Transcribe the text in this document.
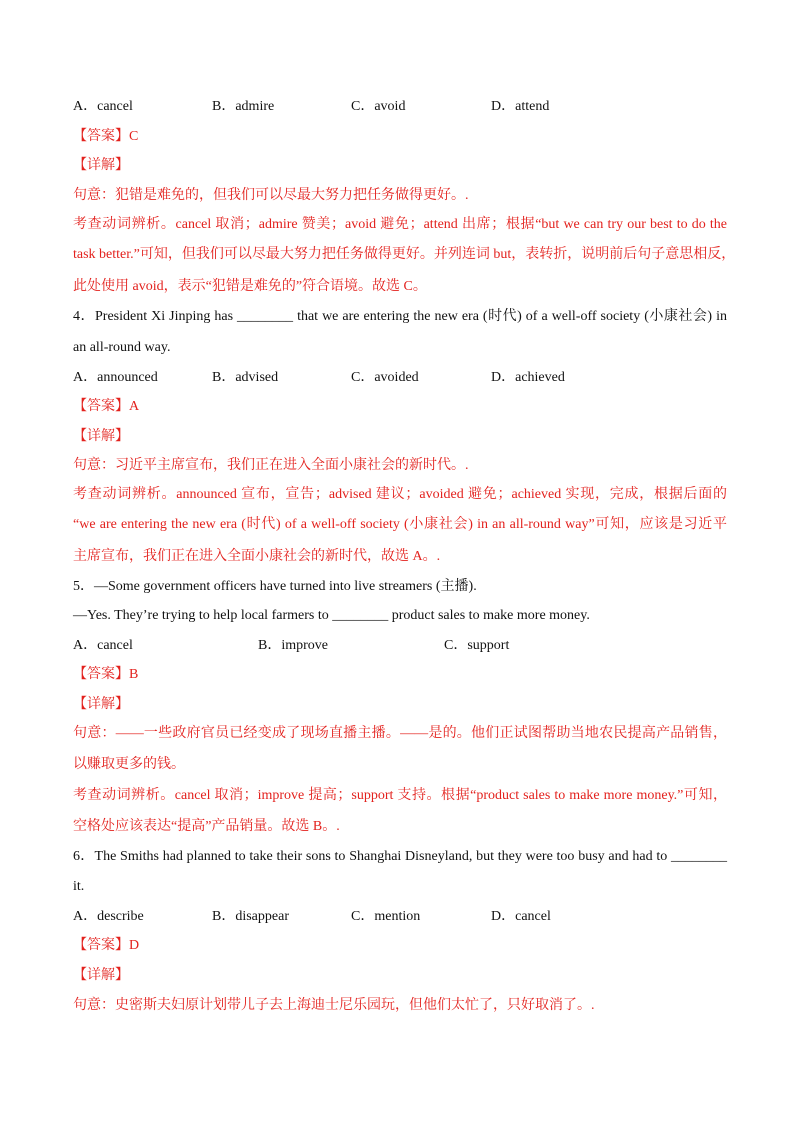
A．cancel	B．admire	C．avoid	D．attend
【答案】C
【详解】
句意：犯错是难免的，但我们可以尽最大努力把任务做得更好。.
考查动词辨析。cancel 取消；admire 赞美；avoid 避免；attend 出席；根据“but we can try our best to do the
task better.”可知，但我们可以尽最大努力把任务做得更好。并列连词 but，表转折，说明前后句子意思相反，
此处使用 avoid，表示“犯错是难免的”符合语境。故选 C。
4．President Xi Jinping has ________ that we are entering the new era (时代) of a well-off society (小康社会) in
an all-round way.
A．announced	B．advised	C．avoided	D．achieved
【答案】A
【详解】
句意：习近平主席宣布，我们正在进入全面小康社会的新时代。.
考查动词辨析。announced 宣布，宣告；advised 建议；avoided 避免；achieved 实现，完成，根据后面的
“we are entering the new era (时代) of a well-off society (小康社会) in an all-round way”可知，应该是习近平
主席宣布，我们正在进入全面小康社会的新时代，故选 A。.
5．—Some government officers have turned into live streamers (主播).
—Yes. They’re trying to help local farmers to ________ product sales to make more money.
A．cancel	B．improve	C．support
【答案】B
【详解】
句意：——一些政府官员已经变成了现场直播主播。——是的。他们正试图帮助当地农民提高产品销售，
以赚取更多的钱。
考查动词辨析。cancel 取消；improve 提高；support 支持。根据“product sales to make more money.”可知，
空格处应该表达“提高”产品销量。故选 B。.
6．The Smiths had planned to take their sons to Shanghai Disneyland, but they were too busy and had to ________
it.
A．describe	B．disappear	C．mention	D．cancel
【答案】D
【详解】
句意：史密斯夫妇原计划带儿子去上海迪士尼乐园玩，但他们太忙了，只好取消了。.
